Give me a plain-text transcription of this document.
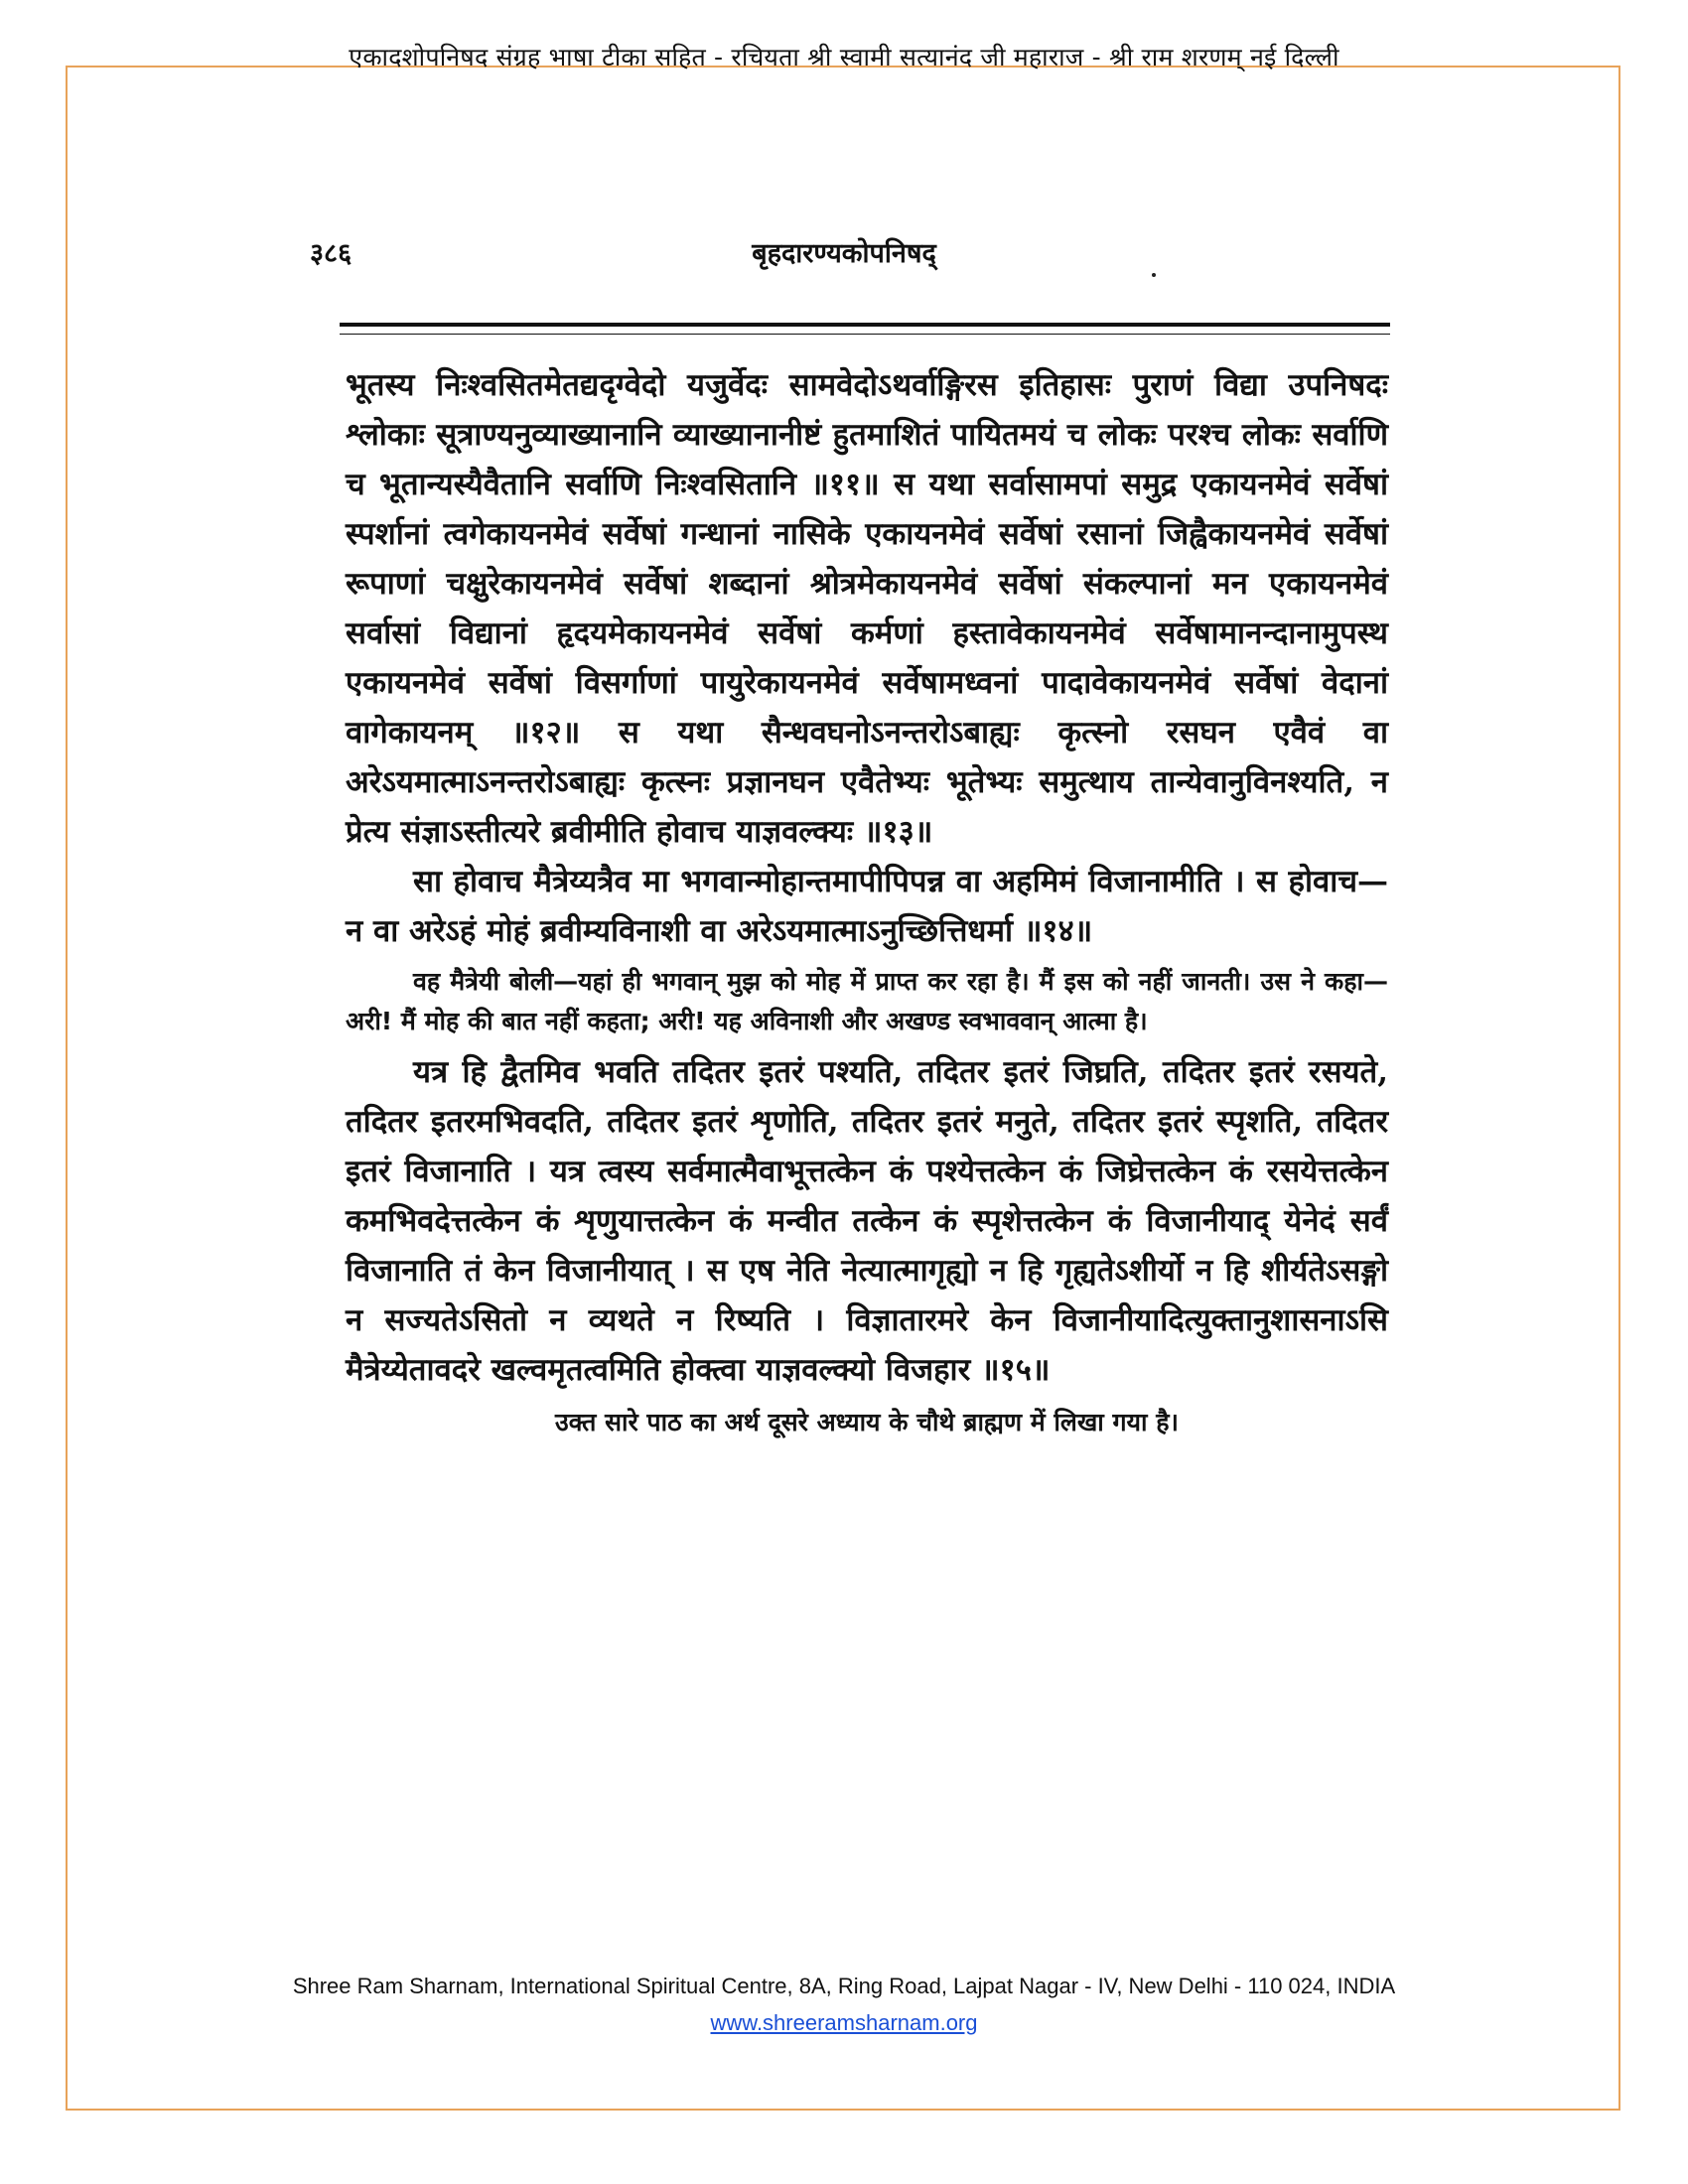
एकादशोपनिषद संग्रह भाषा टीका सहित - रचियता श्री स्वामी सत्यानंद जी महाराज - श्री राम शरणम् नई दिल्ली
३८६	बृहदारण्यकोपनिषद्

भूतस्य निःश्वसितमेतद्यदृग्वेदो यजुर्वेदः सामवेदोऽथर्वाङ्गिरस इतिहासः पुराणं विद्या उपनिषदः श्लोकाः सूत्राण्यनुव्याख्यानानि व्याख्यानानीष्टं हुतमाशितं पायितमयं च लोकः परश्च लोकः सर्वाणि च भूतान्यस्यैवैतानि सर्वाणि निःश्वसितानि ॥११॥ स यथा सर्वासामपां समुद्र एकायनमेवं सर्वेषां स्पर्शानां त्वगेकायनमेवं सर्वेषां गन्धानां नासिके एकायनमेवं सर्वेषां रसानां जिह्वैकायनमेवं सर्वेषां रूपाणां चक्षुरेकायनमेवं सर्वेषां शब्दानां श्रोत्रमेकायनमेवं सर्वेषां संकल्पानां मन एकायनमेवं सर्वासां विद्यानां हृदयमेकायनमेवं सर्वेषां कर्मणां हस्तावेकायनमेवं सर्वेषामानन्दानामुपस्थ एकायनमेवं सर्वेषां विसर्गाणां पायुरेकायनमेवं सर्वेषामध्वनां पादावेकायनमेवं सर्वेषां वेदानां वागेकायनम् ॥१२॥ स यथा सैन्धवघनोऽनन्तरोऽबाह्यः कृत्स्नो रसघन एवैवं वा अरेऽयमात्माऽनन्तरोऽबाह्यः कृत्स्नः प्रज्ञानघन एवैतेभ्यः भूतेभ्यः समुत्थाय तान्येवानुविनश्यति, न प्रेत्य संज्ञाऽस्तीत्यरे ब्रवीमीति होवाच याज्ञवल्क्यः ॥१३॥

सा होवाच मैत्रेय्यत्रैव मा भगवान्मोहान्तमापीपिपन्न वा अहमिमं विजानामीति । स होवाच—न वा अरेऽहं मोहं ब्रवीम्यविनाशी वा अरेऽयमात्माऽनुच्छित्तिधर्मा ॥१४॥

वह मैत्रेयी बोली—यहां ही भगवान् मुझ को मोह में प्राप्त कर रहा है। मैं इस को नहीं जानती। उस ने कहा—अरी! मैं मोह की बात नहीं कहता; अरी! यह अविनाशी और अखण्ड स्वभाववान् आत्मा है।

यत्र हि द्वैतमिव भवति तदितर इतरं पश्यति, तदितर इतरं जिघ्रति, तदितर इतरं रसयते, तदितर इतरमभिवदति, तदितर इतरं शृणोति, तदितर इतरं मनुते, तदितर इतरं स्पृशति, तदितर इतरं विजानाति । यत्र त्वस्य सर्वमात्मैवाभूत्तत्केन कं पश्येत्तत्केन कं जिघ्रेत्तत्केन कं रसयेत्तत्केन कमभिवदेत्तत्केन कं शृणुयात्तत्केन कं मन्वीत तत्केन कं स्पृशेत्तत्केन कं विजानीयाद् येनेदं सर्वं विजानाति तं केन विजानीयात् । स एष नेति नेत्यात्मागृह्यो न हि गृह्यतेऽशीर्यो न हि शीर्यतेऽसङ्गो न सज्यतेऽसितो न व्यथते न रिष्यति । विज्ञातारमरे केन विजानीयादित्युक्तानुशासनाऽसि मैत्रेय्येतावदरे खल्वमृतत्वमिति होक्त्वा याज्ञवल्क्यो विजहार ॥१५॥

उक्त सारे पाठ का अर्थ दूसरे अध्याय के चौथे ब्राह्मण में लिखा गया है।

Shree Ram Sharnam, International Spiritual Centre, 8A, Ring Road, Lajpat Nagar - IV, New Delhi - 110 024, INDIA
www.shreeramsharnam.org
